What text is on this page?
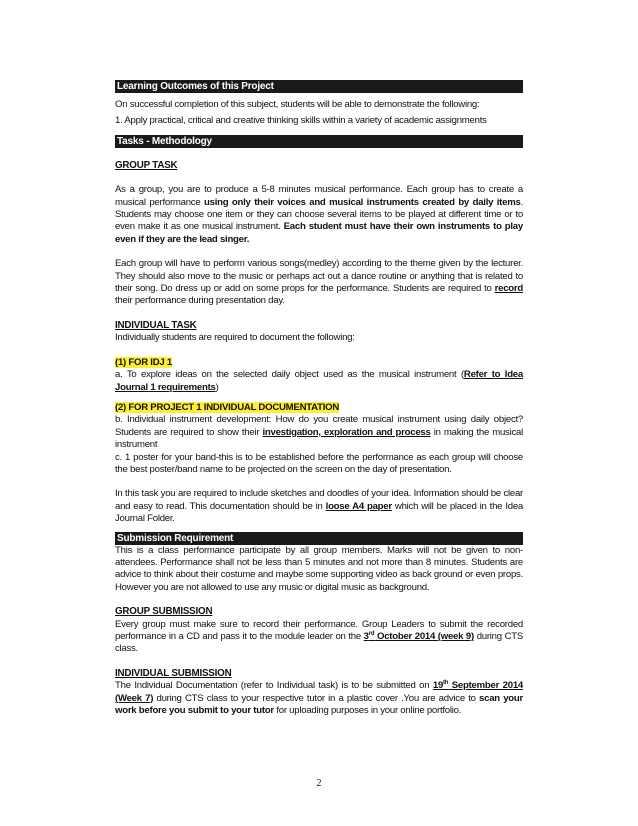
Learning Outcomes of this Project

On successful completion of this subject, students will be able to demonstrate the following:

1. Apply practical, critical and creative thinking skills within a variety of academic assignments

Tasks - Methodology

GROUP TASK

As a group, you are to produce a 5-8 minutes musical performance. Each group has to create a musical performance using only their voices and musical instruments created by daily items. Students may choose one item or they can choose several items to be played at different time or to even make it as one musical instrument. Each student must have their own instruments to play even if they are the lead singer.

Each group will have to perform various songs(medley) according to the theme given by the lecturer. They should also move to the music or perhaps act out a dance routine or anything that is related to their song. Do dress up or add on some props for the performance. Students are required to record their performance during presentation day.

INDIVIDUAL TASK

Individually students are required to document the following:

(1) FOR IDJ 1

a. To explore ideas on the selected daily object used as the musical instrument (Refer to Idea Journal 1 requirements)

(2) FOR PROJECT 1 INDIVIDUAL DOCUMENTATION

b. Individual instrument development: How do you create musical instrument using daily object? Students are required to show their investigation, exploration and process in making the musical instrument

c. 1 poster for your band-this is to be established before the performance as each group will choose the best poster/band name to be projected on the screen on the day of presentation.

In this task you are required to include sketches and doodles of your idea. Information should be clear and easy to read. This documentation should be in loose A4 paper which will be placed in the Idea Journal Folder.

Submission Requirement

This is a class performance participate by all group members. Marks will not be given to non-attendees. Performance shall not be less than 5 minutes and not more than 8 minutes. Students are advice to think about their costume and maybe some supporting video as back ground or even props. However you are not allowed to use any music or digital music as background.

GROUP SUBMISSION

Every group must make sure to record their performance. Group Leaders to submit the recorded performance in a CD and pass it to the module leader on the 3rd October 2014 (week 9) during CTS class.

INDIVIDUAL SUBMISSION

The Individual Documentation (refer to Individual task) is to be submitted on 19th September 2014 (Week 7) during CTS class to your respective tutor in a plastic cover .You are advice to scan your work before you submit to your tutor for uploading purposes in your online portfolio.

2
